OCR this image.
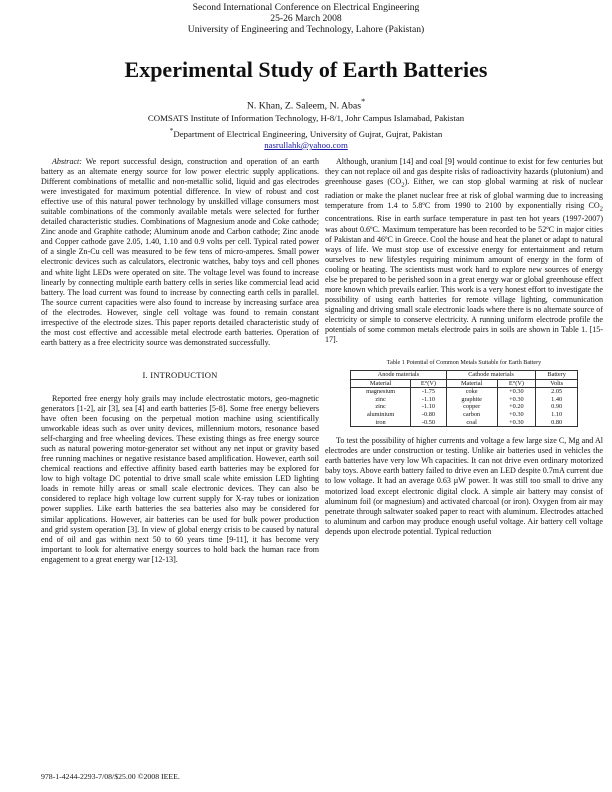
Second International Conference on Electrical Engineering
25-26 March 2008
University of Engineering and Technology, Lahore (Pakistan)
Experimental Study of Earth Batteries
N. Khan, Z. Saleem, N. Abas*
COMSATS Institute of Information Technology, H-8/1, Johr Campus Islamabad, Pakistan
*Department of Electrical Engineering, University of Gujrat, Gujrat, Pakistan
nasrullahk@yahoo.com

Abstract: We report successful design, construction and operation of an earth battery as an alternate energy source for low power electric supply applications. Different combinations of metallic and non-metallic solid, liquid and gas electrodes were investigated for maximum potential difference. In view of robust and cost effective use of this natural power technology by unskilled village consumers most suitable combinations of the commonly available metals were selected for further detailed characteristic studies. Combinations of Magnesium anode and Coke cathode; Zinc anode and Graphite cathode; Aluminum anode and Carbon cathode; Zinc anode and Copper cathode gave 2.05, 1.40, 1.10 and 0.9 volts per cell. Typical rated power of a single Zn-Cu cell was measured to be few tens of micro-amperes. Small power electronic devices such as calculators, electronic watches, baby toys and cell phones and white light LEDs were operated on site. The voltage level was found to increase linearly by connecting multiple earth battery cells in series like commercial lead acid battery. The load current was found to increase by connecting earth cells in parallel. The source current capacities were also found to increase by increasing surface area of the electrodes. However, single cell voltage was found to remain constant irrespective of the electrode sizes. This paper reports detailed characteristic study of the most cost effective and accessible metal electrode earth batteries. Operation of earth battery as a free electricity source was demonstrated successfully.

I. INTRODUCTION

Reported free energy holy grails may include electrostatic motors, geo-magnetic generators [1-2], air [3], sea [4] and earth batteries [5-8]. Some free energy believers have often been focusing on the perpetual motion machine using scientifically unworkable ideas such as over unity devices, millennium motors, resonance based self-charging and free wheeling devices. These existing things as free energy source such as natural powering motor-generator set without any net input or gravity based free running machines or negative resistance based amplification. However, earth soil chemical reactions and effective affinity based earth batteries may be explored for low to high voltage DC potential to drive small scale white emission LED lighting loads in remote hilly areas or small scale electronic devices. They can also be considered to replace high voltage low current supply for X-ray tubes or ionization power supplies. Like earth batteries the sea batteries also may be considered for similar applications. However, air batteries can be used for bulk power production and grid system operation [3]. In view of global energy crisis to be caused by natural end of oil and gas within next 50 to 60 years time [9-11], it has become very important to look for alternative energy sources to hold back the human race from engagement to a great energy war [12-13].

Although, uranium [14] and coal [9] would continue to exist for few centuries but they can not replace oil and gas despite risks of radioactivity hazards (plutonium) and greenhouse gases $(CO_2)$. Either, we can stop global warming at risk of nuclear radiation or make the planet nuclear free at risk of global warming due to increasing temperature from 1.4 to 5.8ºC from 1990 to 2100 by exponentially rising $CO_2$ concentrations. Rise in earth surface temperature in past ten hot years (1997-2007) was about 0.6ºC. Maximum temperature has been recorded to be 52ºC in major cities of Pakistan and 46ºC in Greece. Cool the house and heat the planet or adapt to natural ways of life. We must stop use of excessive energy for entertainment and return ourselves to new lifestyles requiring minimum amount of energy in the form of cooling or heating. The scientists must work hard to explore new sources of energy else be prepared to be perished soon in a great energy war or global greenhouse effect more known which prevails earlier. This work is a very honest effort to investigate the possibility of using earth batteries for remote village lighting, communication signaling and driving small scale electronic loads where there is no alternate source of electricity or simple to conserve electricity. A running uniform electrode profile the potentials of some common metals electrode pairs in soils are shown in Table 1. [15-17].

Table 1 Potential of Common Metals Suitable for Earth Battery
Anode materials		Cathode materials		Battery
Material	E°(V)	Material	E°(V)	Volts
magnesium	-1.75	coke	+0.30	2.05
zinc	-1.10	graphite	+0.30	1.40
zinc	-1.10	copper	+0.20	0.90
aluminium	-0.80	carbon	+0.30	1.10
iron	-0.50	coal	+0.30	0.80

To test the possibility of higher currents and voltage a few large size C, Mg and Al electrodes are under construction or testing. Unlike air batteries used in vehicles the earth batteries have very low Wh capacities. It can not drive even ordinary motorized baby toys. Above earth battery failed to drive even an LED despite 0.7mA current due to low voltage. It had an average 0.63 µW power. It was still too small to drive any motorized load except electronic digital clock. A simple air battery may consist of aluminum foil (or magnesium) and activated charcoal (or iron). Oxygen from air may penetrate through saltwater soaked paper to react with aluminum. Electrodes attached to aluminum and carbon may produce enough useful voltage. Air battery cell voltage depends upon electrode potential. Typical reduction

978-1-4244-2293-7/08/$25.00 ©2008 IEEE.
